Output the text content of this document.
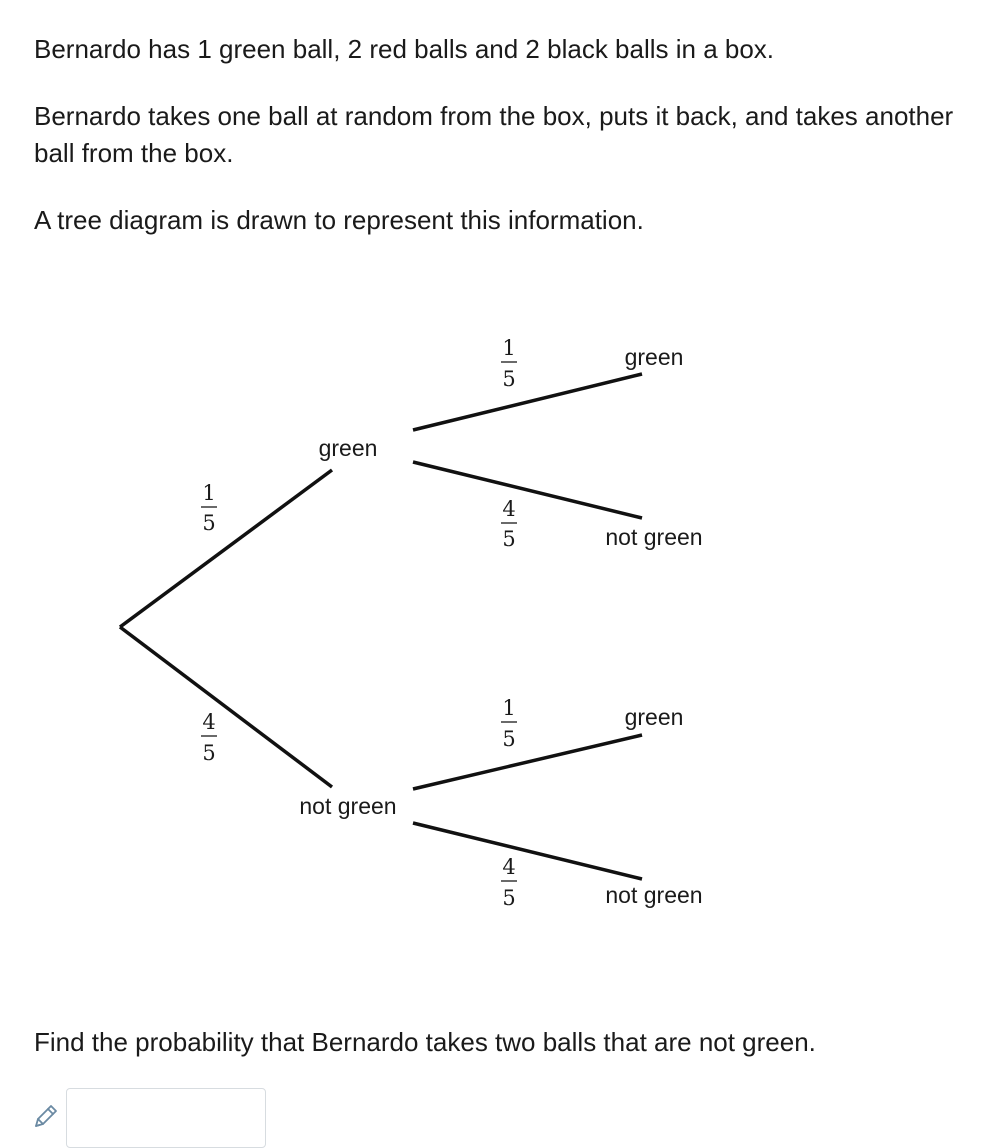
Bernardo has 1 green ball, 2 red balls and 2 black balls in a box.

Bernardo takes one ball at random from the box, puts it back, and takes another ball from the box.

A tree diagram is drawn to represent this information.

green
not green
green
not green
green
not green
1
5
4
5
1
5
4
5
1
5
4
5

Find the probability that Bernardo takes two balls that are not green.
